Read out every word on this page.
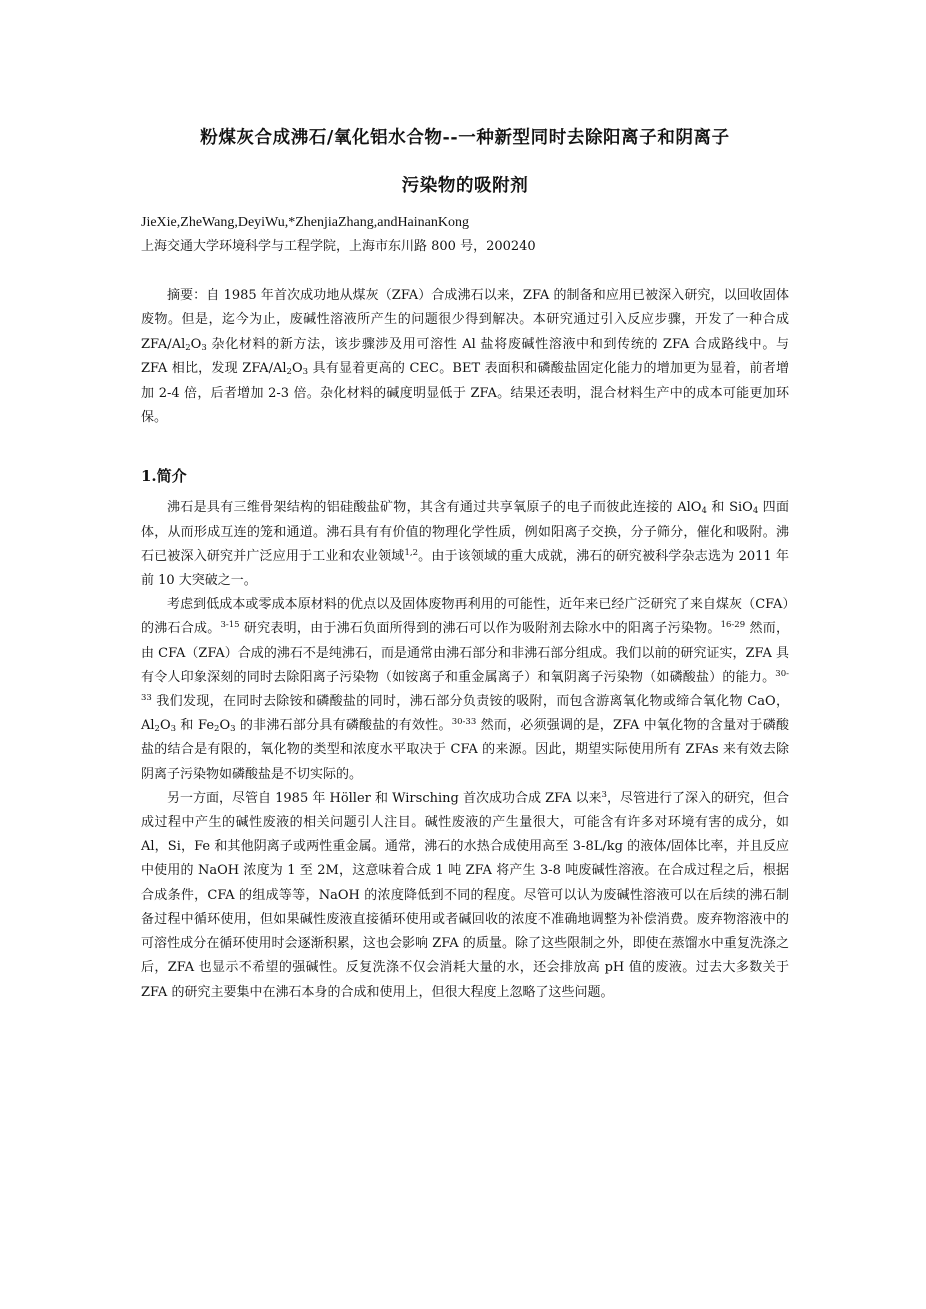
粉煤灰合成沸石/氧化铝水合物--一种新型同时去除阳离子和阴离子
污染物的吸附剂
JieXie,ZheWang,DeyiWu,*ZhenjiaZhang,andHainanKong
上海交通大学环境科学与工程学院，上海市东川路 800 号，200240

摘要：自 1985 年首次成功地从煤灰（ZFA）合成沸石以来，ZFA 的制备和应用已被深入研究，以回收固体废物。但是，迄今为止，废碱性溶液所产生的问题很少得到解决。本研究通过引入反应步骤，开发了一种合成 ZFA/$Al_2O_3$ 杂化材料的新方法，该步骤涉及用可溶性 Al 盐将废碱性溶液中和到传统的 ZFA 合成路线中。与 ZFA 相比，发现 ZFA/$Al_2O_3$ 具有显着更高的 CEC。BET 表面积和磷酸盐固定化能力的增加更为显着，前者增加 2-4 倍，后者增加 2-3 倍。杂化材料的碱度明显低于 ZFA。结果还表明，混合材料生产中的成本可能更加环保。

1.简介

沸石是具有三维骨架结构的铝硅酸盐矿物，其含有通过共享氧原子的电子而彼此连接的 AlO$_4$ 和 SiO$_4$ 四面体，从而形成互连的笼和通道。沸石具有有价值的物理化学性质，例如阳离子交换，分子筛分，催化和吸附。沸石已被深入研究并广泛应用于工业和农业领域$^{1,2}$。由于该领域的重大成就，沸石的研究被科学杂志选为 2011 年前 10 大突破之一。

考虑到低成本或零成本原材料的优点以及固体废物再利用的可能性，近年来已经广泛研究了来自煤灰（CFA）的沸石合成。$^{3-15}$ 研究表明，由于沸石负面所得到的沸石可以作为吸附剂去除水中的阳离子污染物。$^{16-29}$ 然而，由 CFA（ZFA）合成的沸石不是纯沸石，而是通常由沸石部分和非沸石部分组成。我们以前的研究证实，ZFA 具有令人印象深刻的同时去除阳离子污染物（如铵离子和重金属离子）和氧阴离子污染物（如磷酸盐）的能力。$^{30-33}$ 我们发现，在同时去除铵和磷酸盐的同时，沸石部分负责铵的吸附，而包含游离氧化物或缔合氧化物 CaO，$Al_2O_3$ 和 $Fe_2O_3$ 的非沸石部分具有磷酸盐的有效性。$^{30-33}$ 然而，必须强调的是，ZFA 中氧化物的含量对于磷酸盐的结合是有限的，氧化物的类型和浓度水平取决于 CFA 的来源。因此，期望实际使用所有 ZFAs 来有效去除阴离子污染物如磷酸盐是不切实际的。

另一方面，尽管自 1985 年 Höller 和 Wirsching 首次成功合成 ZFA 以来$^3$，尽管进行了深入的研究，但合成过程中产生的碱性废液的相关问题引人注目。碱性废液的产生量很大，可能含有许多对环境有害的成分，如 Al，Si，Fe 和其他阴离子或两性重金属。通常，沸石的水热合成使用高至 3-8L/kg 的液体/固体比率，并且反应中使用的 NaOH 浓度为 1 至 2M，这意味着合成 1 吨 ZFA 将产生 3-8 吨废碱性溶液。在合成过程之后，根据合成条件，CFA 的组成等等，NaOH 的浓度降低到不同的程度。尽管可以认为废碱性溶液可以在后续的沸石制备过程中循环使用，但如果碱性废液直接循环使用或者碱回收的浓度不准确地调整为补偿消费。废弃物溶液中的可溶性成分在循环使用时会逐渐积累，这也会影响 ZFA 的质量。除了这些限制之外，即使在蒸馏水中重复洗涤之后，ZFA 也显示不希望的强碱性。反复洗涤不仅会消耗大量的水，还会排放高 pH 值的废液。过去大多数关于 ZFA 的研究主要集中在沸石本身的合成和使用上，但很大程度上忽略了这些问题。
